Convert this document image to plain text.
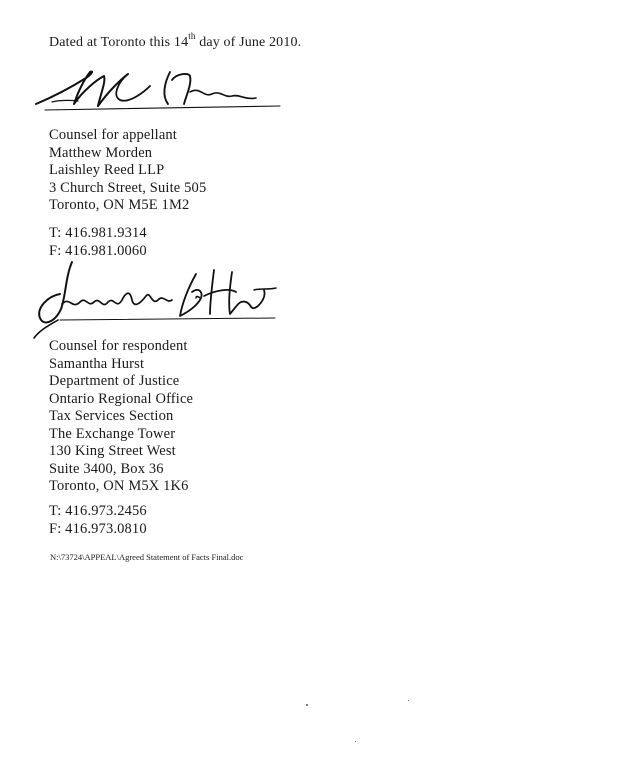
Dated at Toronto this 14th day of June 2010.
Counsel for appellant
Matthew Morden
Laishley Reed LLP
3 Church Street, Suite 505
Toronto, ON M5E 1M2
T: 416.981.9314
F: 416.981.0060
Counsel for respondent
Samantha Hurst
Department of Justice
Ontario Regional Office
Tax Services Section
The Exchange Tower
130 King Street West
Suite 3400, Box 36
Toronto, ON M5X 1K6
T: 416.973.2456
F: 416.973.0810
N:\73724\APPEAL\Agreed Statement of Facts Final.doc
